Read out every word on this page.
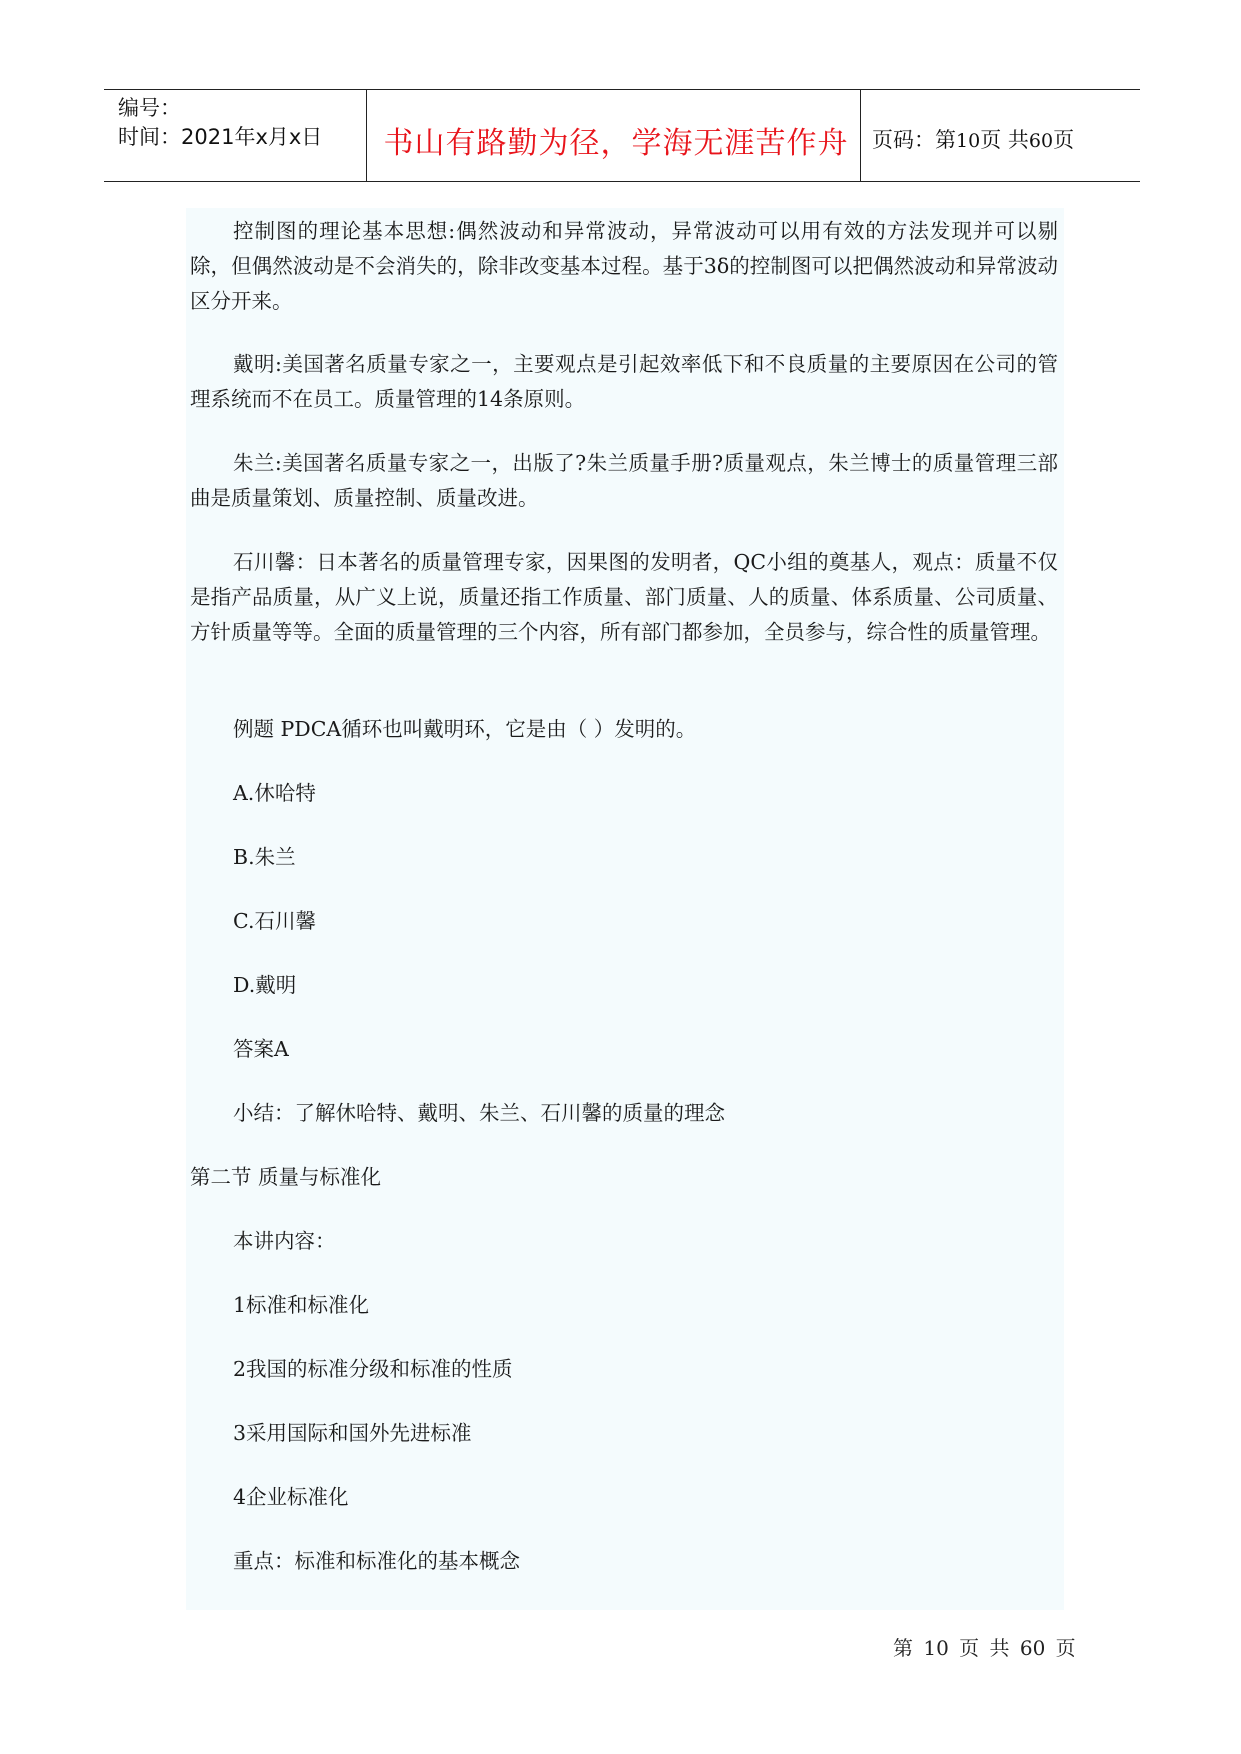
编号：
时间：2021年x月x日	书山有路勤为径，学海无涯苦作舟	页码：第10页 共60页

控制图的理论基本思想:偶然波动和异常波动，异常波动可以用有效的方法发现并可以剔除，但偶然波动是不会消失的，除非改变基本过程。基于3δ的控制图可以把偶然波动和异常波动区分开来。

戴明:美国著名质量专家之一，主要观点是引起效率低下和不良质量的主要原因在公司的管理系统而不在员工。质量管理的14条原则。

朱兰:美国著名质量专家之一，出版了?朱兰质量手册?质量观点，朱兰博士的质量管理三部曲是质量策划、质量控制、质量改进。

石川馨：日本著名的质量管理专家，因果图的发明者，QC小组的奠基人，观点：质量不仅是指产品质量，从广义上说，质量还指工作质量、部门质量、人的质量、体系质量、公司质量、方针质量等等。全面的质量管理的三个内容，所有部门都参加，全员参与，综合性的质量管理。

例题 PDCA循环也叫戴明环，它是由（ ）发明的。

A.休哈特

B.朱兰

C.石川馨

D.戴明

答案A

小结：了解休哈特、戴明、朱兰、石川馨的质量的理念

第二节 质量与标准化

本讲内容：

1标准和标准化

2我国的标准分级和标准的性质

3采用国际和国外先进标准

4企业标准化

重点：标准和标准化的基本概念

第 10 页 共 60 页
